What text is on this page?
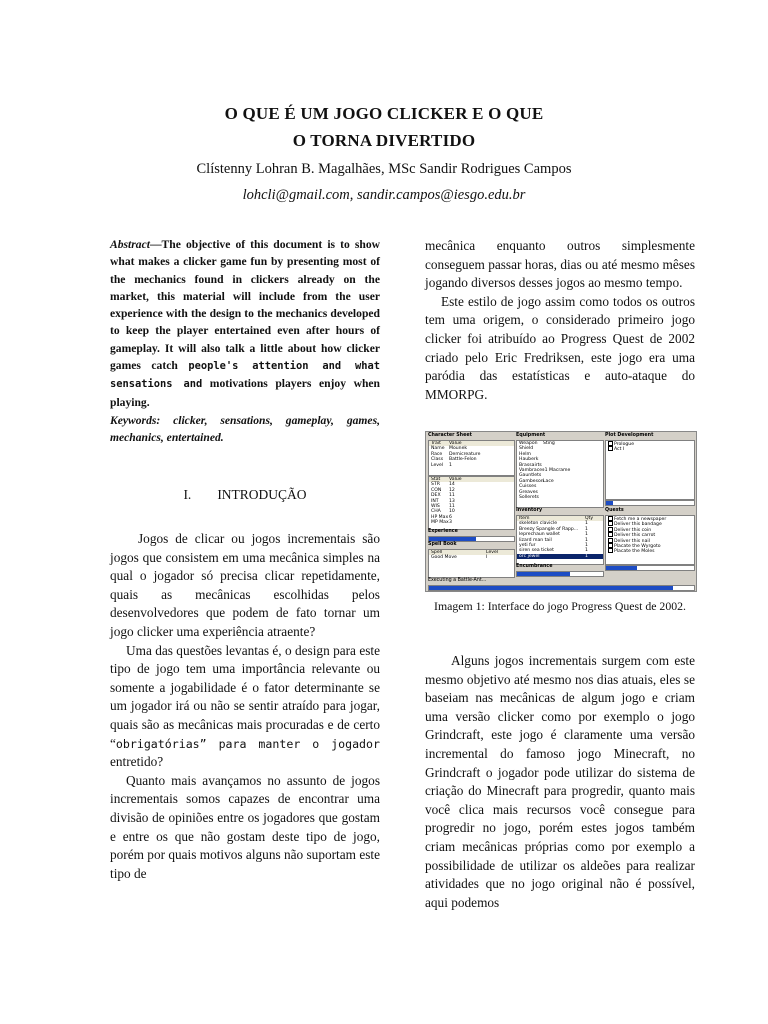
O QUE É UM JOGO CLICKER E O QUE
O TORNA DIVERTIDO
Clístenny Lohran B. Magalhães, MSc Sandir Rodrigues Campos
lohcli@gmail.com, sandir.campos@iesgo.edu.br
Abstract—The objective of this document is to show what makes a clicker game fun by presenting most of the mechanics found in clickers already on the market, this material will include from the user experience with the design to the mechanics developed to keep the player entertained even after hours of gameplay. It will also talk a little about how clicker games catch people's attention and what sensations and motivations players enjoy when playing.
Keywords: clicker, sensations, gameplay, games, mechanics, entertained.
I. INTRODUÇÃO

Jogos de clicar ou jogos incrementais são jogos que consistem em uma mecânica simples na qual o jogador só precisa clicar repetidamente, quais as mecânicas escolhidas pelos desenvolvedores que podem de fato tornar um jogo clicker uma experiência atraente?

Uma das questões levantas é, o design para este tipo de jogo tem uma importância relevante ou somente a jogabilidade é o fator determinante se um jogador irá ou não se sentir atraído para jogar, quais são as mecânicas mais procuradas e de certo “obrigatórias” para manter o jogador entretido?

Quanto mais avançamos no assunto de jogos incrementais somos capazes de encontrar uma divisão de opiniões entre os jogadores que gostam e entre os que não gostam deste tipo de jogo, porém por quais motivos alguns não suportam este tipo de

mecânica enquanto outros simplesmente conseguem passar horas, dias ou até mesmo mêses jogando diversos desses jogos ao mesmo tempo.

Este estilo de jogo assim como todos os outros tem uma origem, o considerado primeiro jogo clicker foi atribuído ao Progress Quest de 2002 criado pelo Eric Fredriksen, este jogo era uma paródia das estatísticas e auto-ataque do MMORPG.

Character Sheet
Trait Value
Name Mounek
Race Demicreature
Class Battle-Felon
Level 1
Stat Value
STR 14
CON 12
DEX 11
INT 13
WIS 11
CHA 10
HP Max6
MP Max3
Experience
Spell Book
Spell	Level
Good Move	I
Equipment
Weapon Sting
Shield
Helm
Hauberk
Brassairts
Vambraces-1 Macrame
Gauntlets
GambesonLace
Cuisses
Greaves
Sollerets
Inventory
Item	Qty
skeleton clavicle	1
Breezy Spangle of Rapp... 1
leprechaun wallet	1
lizard man tail	1
yeti fur	1
siren sea ticket	1
orc jewel	1
Encumbrance
Plot Development
Prologue
Act I
Quests
Fetch me a newspaper
Deliver this bandage
Deliver this coin
Deliver this carrot
Deliver this nail
Placate the Wyrgoto
Placate the Moles
Executing a Battle-Ant...
Imagem 1: Interface do jogo Progress Quest de 2002.

Alguns jogos incrementais surgem com este mesmo objetivo até mesmo nos dias atuais, eles se baseiam nas mecânicas de algum jogo e criam uma versão clicker como por exemplo o jogo Grindcraft, este jogo é claramente uma versão incremental do famoso jogo Minecraft, no Grindcraft o jogador pode utilizar do sistema de criação do Minecraft para progredir, quanto mais você clica mais recursos você consegue para progredir no jogo, porém estes jogos também criam mecânicas próprias como por exemplo a possibilidade de utilizar os aldeões para realizar atividades que no jogo original não é possível, aqui podemos
